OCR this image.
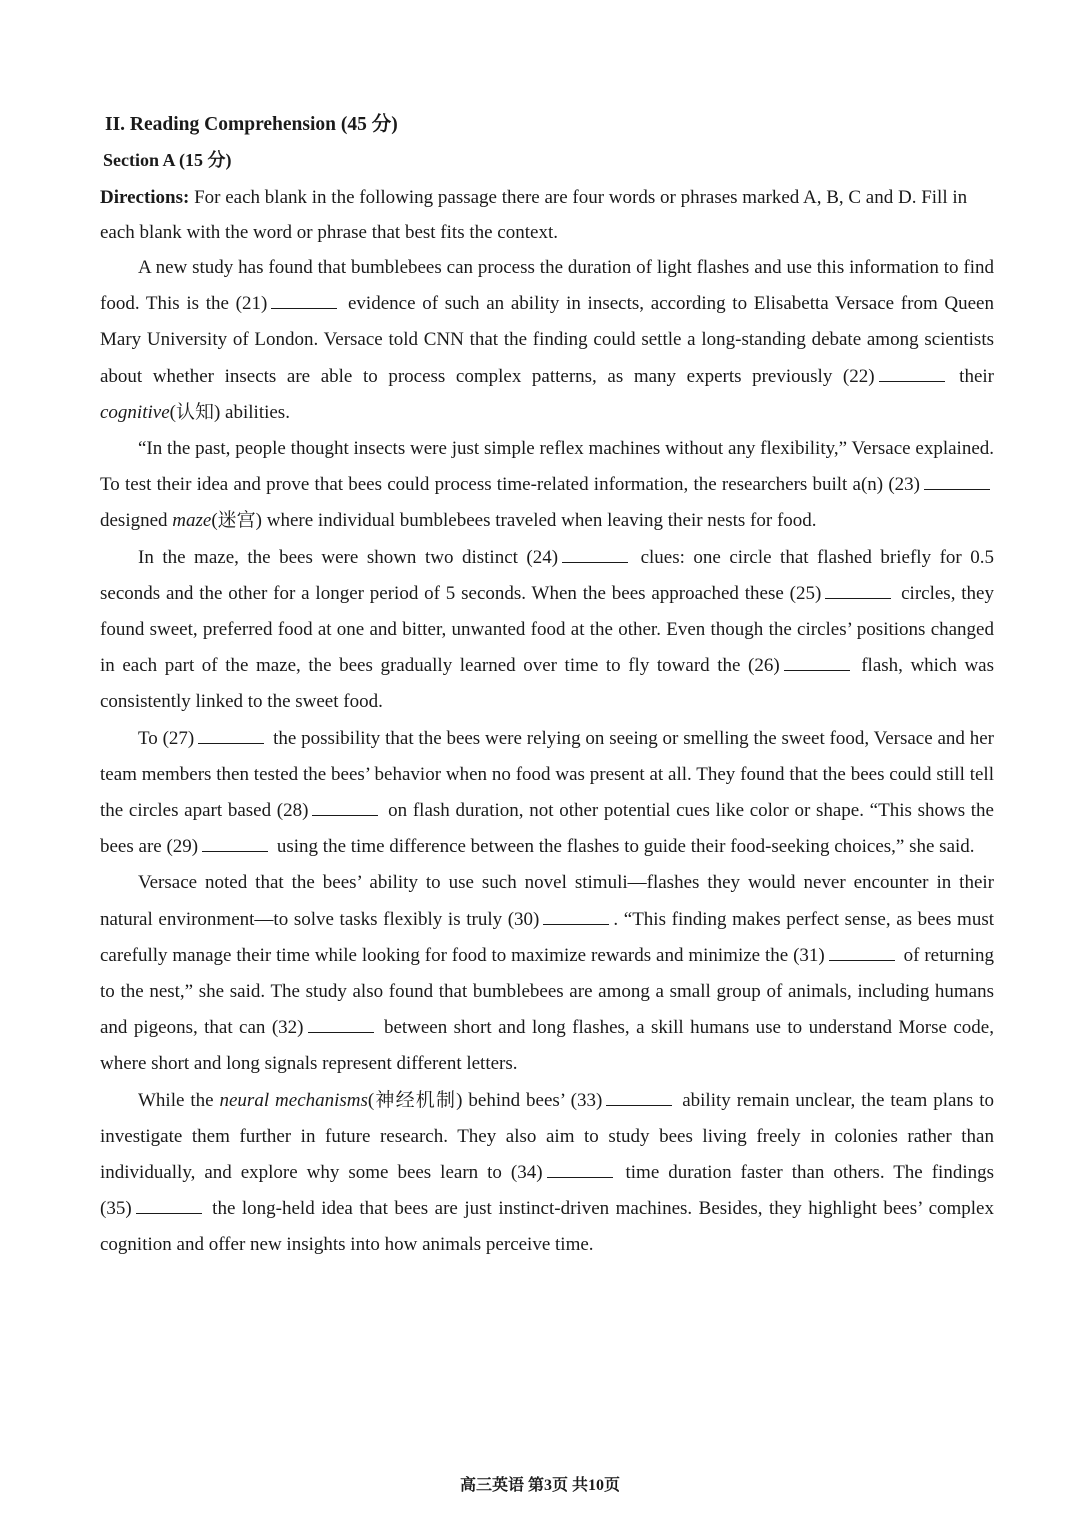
II. Reading Comprehension (45 分)
Section A (15 分)

Directions: For each blank in the following passage there are four words or phrases marked A, B, C and D. Fill in each blank with the word or phrase that best fits the context.

A new study has found that bumblebees can process the duration of light flashes and use this information to find food. This is the (21)	evidence of such an ability in insects, according to Elisabetta Versace from Queen Mary University of London. Versace told CNN that the finding could settle a long-standing debate among scientists about whether insects are able to process complex patterns, as many experts previously (22)	their cognitive(认知) abilities.

“In the past, people thought insects were just simple reflex machines without any flexibility,” Versace explained. To test their idea and prove that bees could process time-related information, the researchers built a(n) (23) designed maze(迷宫) where individual bumblebees traveled when leaving their nests for food.

In the maze, the bees were shown two distinct (24)	clues: one circle that flashed briefly for 0.5 seconds and the other for a longer period of 5 seconds. When the bees approached these (25)	circles, they found sweet, preferred food at one and bitter, unwanted food at the other. Even though the circles’ positions changed in each part of the maze, the bees gradually learned over time to fly toward the (26)	flash, which was consistently linked to the sweet food.

To (27)	the possibility that the bees were relying on seeing or smelling the sweet food, Versace and her team members then tested the bees’ behavior when no food was present at all. They found that the bees could still tell the circles apart based (28)	on flash duration, not other potential cues like color or shape. “This shows the bees are (29)	using the time difference between the flashes to guide their food-seeking choices,” she said.

Versace noted that the bees’ ability to use such novel stimuli—flashes they would never encounter in their natural environment—to solve tasks flexibly is truly (30)	. “This finding makes perfect sense, as bees must carefully manage their time while looking for food to maximize rewards and minimize the (31)	of returning to the nest,” she said. The study also found that bumblebees are among a small group of animals, including humans and pigeons, that can (32)	between short and long flashes, a skill humans use to understand Morse code, where short and long signals represent different letters.

While the neural mechanisms(神经机制) behind bees’ (33)	ability remain unclear, the team plans to investigate them further in future research. They also aim to study bees living freely in colonies rather than individually, and explore why some bees learn to (34)	time duration faster than others. The findings (35)	the long-held idea that bees are just instinct-driven machines. Besides, they highlight bees’ complex cognition and offer new insights into how animals perceive time.

高三英语 第3页 共10页
